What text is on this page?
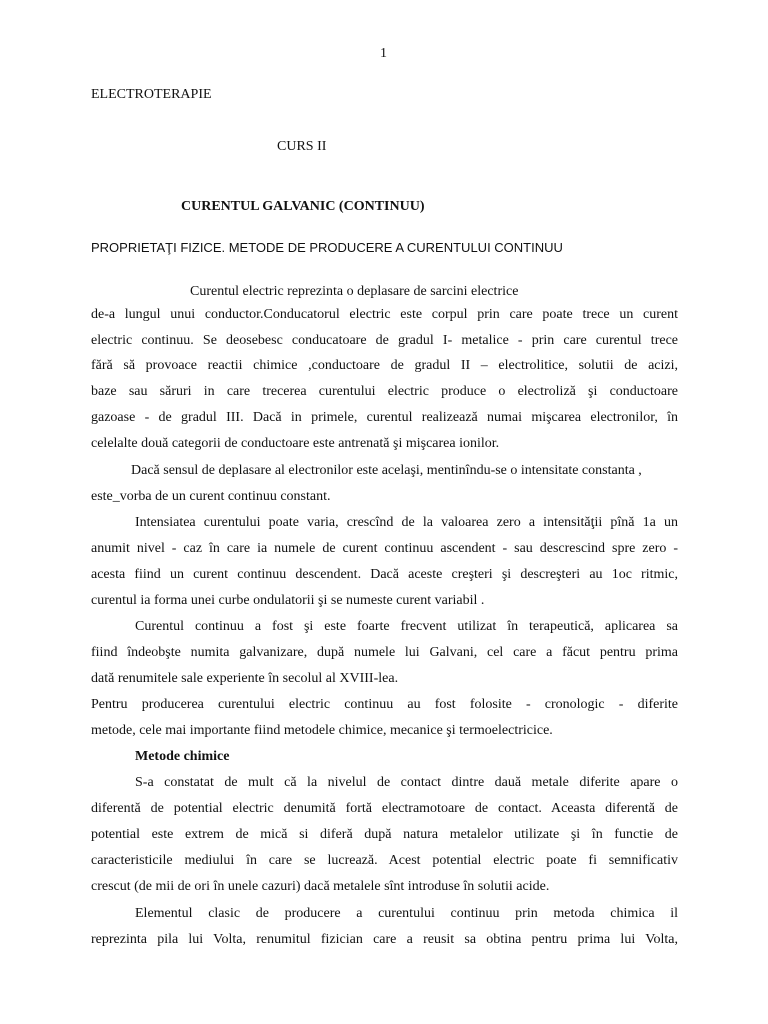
1
ELECTROTERAPIE
CURS II
CURENTUL GALVANIC (CONTINUU)
PROPRIETAŢI FIZICE. METODE DE PRODUCERE A CURENTULUI CONTINUU
Curentul electric reprezinta o deplasare de sarcini electrice
de-a lungul unui conductor.Conducatorul electric este corpul prin care poate trece un curent
electric continuu. Se deosebesc conducatoare de gradul I- metalice - prin care curentul trece
fără să provoace reactii chimice ,conductoare de gradul II – electrolitice, solutii de acizi,
baze sau săruri in care trecerea curentului electric produce o electroliză şi conductoare
gazoase - de gradul III. Dacă in primele, curentul realizează numai mişcarea electronilor, în
celelalte două categorii de conductoare este antrenată şi mişcarea ionilor.
Dacă sensul de deplasare al electronilor este acelaşi, mentinîndu-se o intensitate constanta ,
este_vorba de un curent continuu constant.
Intensiatea curentului poate varia, crescînd de la valoarea zero a intensităţii pînă 1a un
anumit nivel - caz în care ia numele de curent continuu ascendent - sau descrescind spre zero -
acesta fiind un curent continuu descendent. Dacă aceste creşteri şi descreşteri au 1oc ritmic,
curentul ia forma unei curbe ondulatorii şi se numeste curent variabil .
Curentul continuu a fost şi este foarte frecvent utilizat în terapeutică, aplicarea sa
fiind îndeobşte numita galvanizare, după numele lui Galvani, cel care a făcut pentru prima
dată renumitele sale experiente în secolul al XVIII-lea.
Pentru producerea curentului electric continuu au fost folosite - cronologic - diferite
metode, cele mai importante fiind metodele chimice, mecanice şi termoelectricice.
Metode chimice
S-a constatat de mult că la nivelul de contact dintre dauă metale diferite apare o
diferentă de potential electric denumită fortă electramotoare de contact. Aceasta diferentă de
potential este extrem de mică si diferă după natura metalelor utilizate şi în functie de
caracteristicile mediului în care se lucrează. Acest potential electric poate fi semnificativ
crescut (de mii de ori în unele cazuri) dacă metalele sînt introduse în solutii acide.
Elementul clasic de producere a curentului continuu prin metoda chimica il
reprezinta pila lui Volta, renumitul fizician care a reusit sa obtina pentru prima lui Volta,
